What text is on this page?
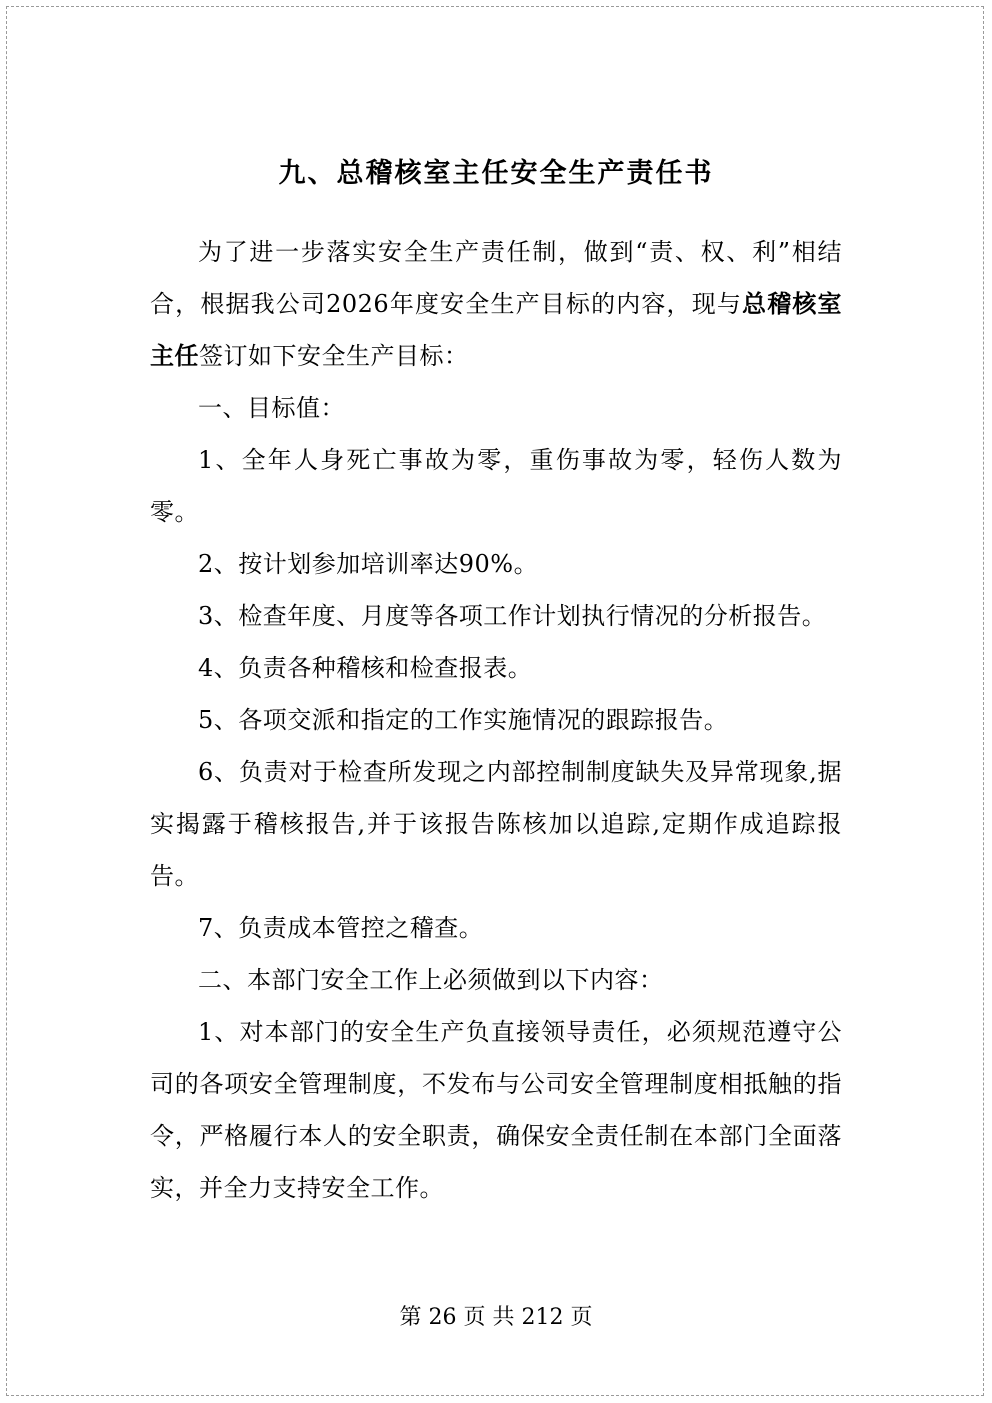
九、总稽核室主任安全生产责任书

为了进一步落实安全生产责任制，做到“责、权、利”相结合，根据我公司2026年度安全生产目标的内容，现与总稽核室主任签订如下安全生产目标：

一、目标值：

1、全年人身死亡事故为零，重伤事故为零，轻伤人数为零。

2、按计划参加培训率达90%。

3、检查年度、月度等各项工作计划执行情况的分析报告。

4、负责各种稽核和检查报表。

5、各项交派和指定的工作实施情况的跟踪报告。

6、负责对于检查所发现之内部控制制度缺失及异常现象,据实揭露于稽核报告,并于该报告陈核加以追踪,定期作成追踪报告。

7、负责成本管控之稽查。

二、本部门安全工作上必须做到以下内容：

1、对本部门的安全生产负直接领导责任，必须规范遵守公司的各项安全管理制度，不发布与公司安全管理制度相抵触的指令，严格履行本人的安全职责，确保安全责任制在本部门全面落实，并全力支持安全工作。

第 26 页 共 212 页
